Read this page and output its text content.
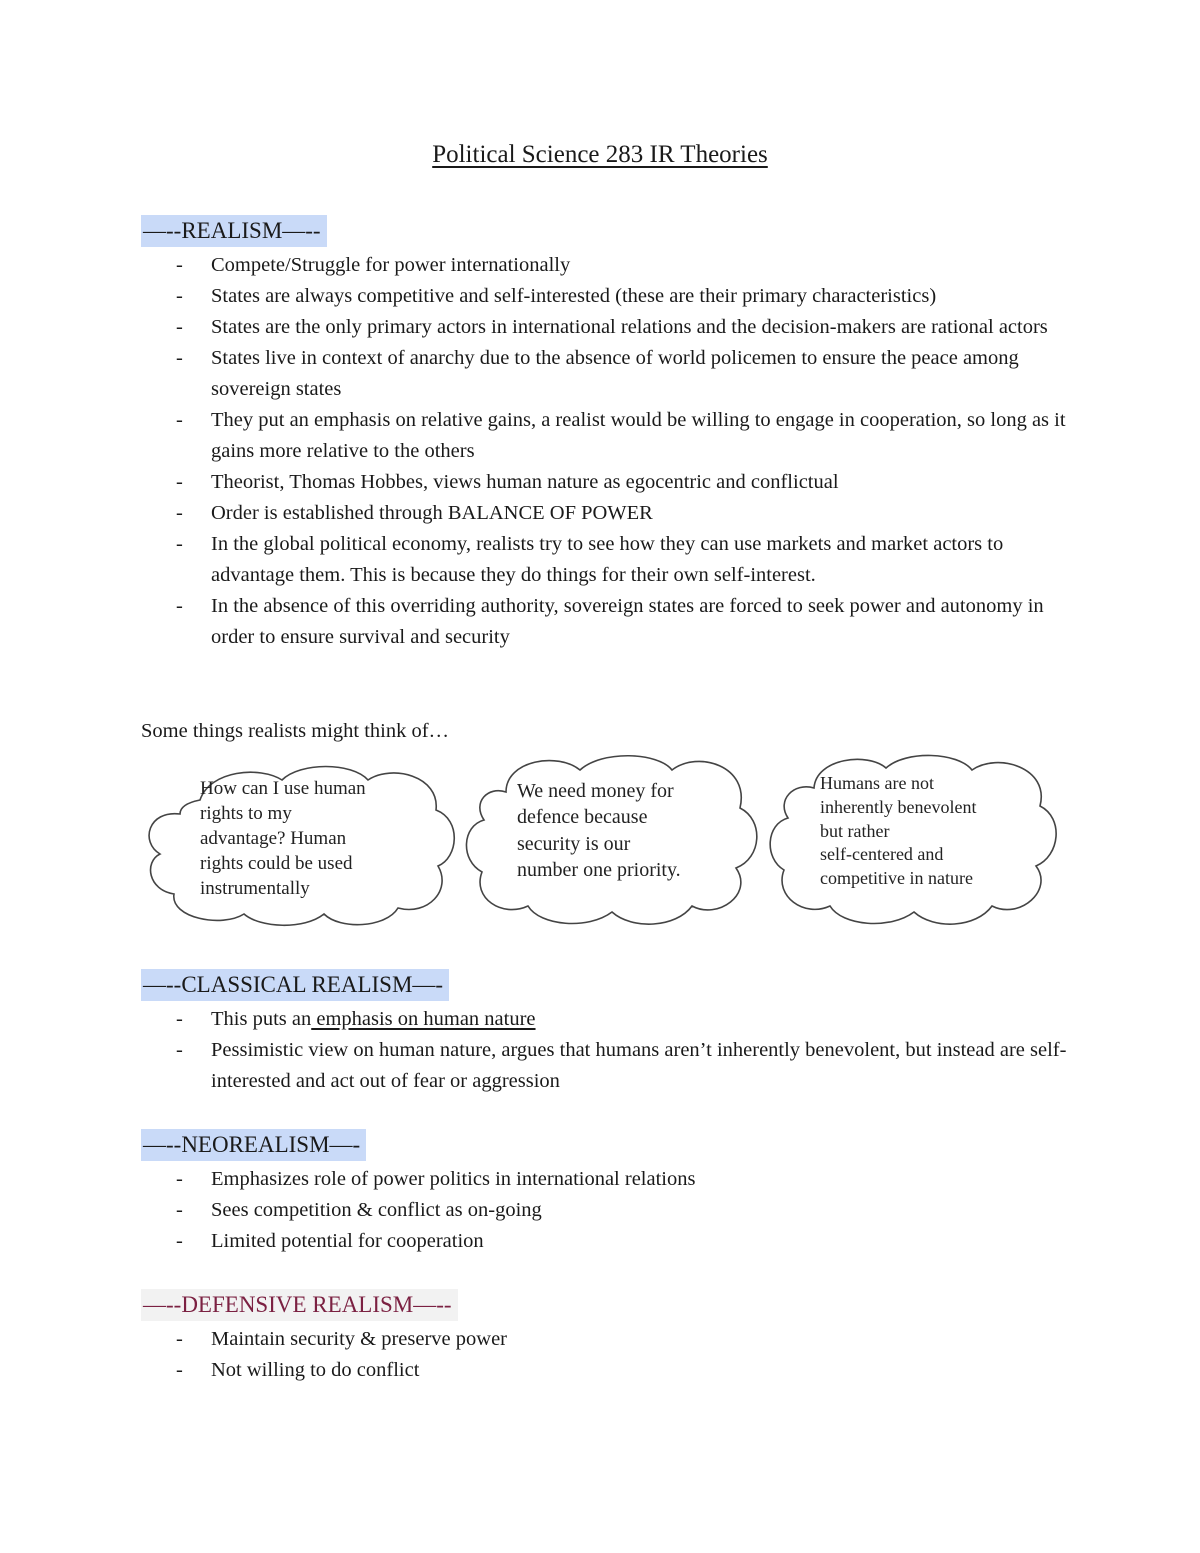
Political Science 283 IR Theories
—--REALISM—--
- Compete/Struggle for power internationally
- States are always competitive and self-interested (these are their primary characteristics)
- States are the only primary actors in international relations and the decision-makers are rational actors
- States live in context of anarchy due to the absence of world policemen to ensure the peace among sovereign states
- They put an emphasis on relative gains, a realist would be willing to engage in cooperation, so long as it gains more relative to the others
- Theorist, Thomas Hobbes, views human nature as egocentric and conflictual
- Order is established through BALANCE OF POWER
- In the global political economy, realists try to see how they can use markets and market actors to advantage them. This is because they do things for their own self-interest.
- In the absence of this overriding authority, sovereign states are forced to seek power and autonomy in order to ensure survival and security
Some things realists might think of…
How can I use human
rights to my
advantage? Human
rights could be used
instrumentally
We need money for
defence because
security is our
number one priority.
Humans are not
inherently benevolent
but rather
self-centered and
competitive in nature
—--CLASSICAL REALISM—-
- This puts an emphasis on human nature
- Pessimistic view on human nature, argues that humans aren’t inherently benevolent, but instead are self-interested and act out of fear or aggression
—--NEOREALISM—-
- Emphasizes role of power politics in international relations
- Sees competition & conflict as on-going
- Limited potential for cooperation
—--DEFENSIVE REALISM—--
- Maintain security & preserve power
- Not willing to do conflict
